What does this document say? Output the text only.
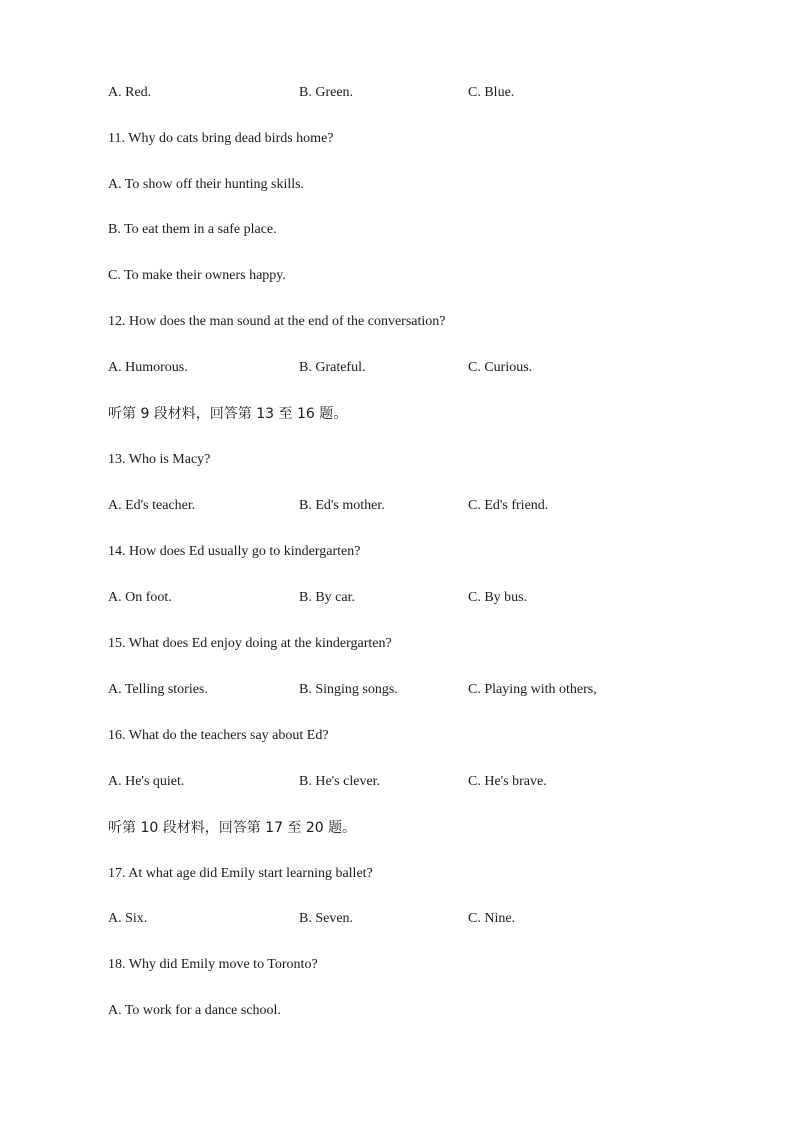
A. Red.	B. Green.	C. Blue.
11. Why do cats bring dead birds home?
A. To show off their hunting skills.
B. To eat them in a safe place.
C. To make their owners happy.
12. How does the man sound at the end of the conversation?
A. Humorous.	B. Grateful.	C. Curious.
听第 9 段材料，回答第 13 至 16 题。
13. Who is Macy?
A. Ed's teacher.	B. Ed's mother.	C. Ed's friend.
14. How does Ed usually go to kindergarten?
A. On foot.	B. By car.	C. By bus.
15. What does Ed enjoy doing at the kindergarten?
A. Telling stories.	B. Singing songs.	C. Playing with others,
16. What do the teachers say about Ed?
A. He's quiet.	B. He's clever.	C. He's brave.
听第 10 段材料，回答第 17 至 20 题。
17. At what age did Emily start learning ballet?
A. Six.	B. Seven.	C. Nine.
18. Why did Emily move to Toronto?
A. To work for a dance school.
